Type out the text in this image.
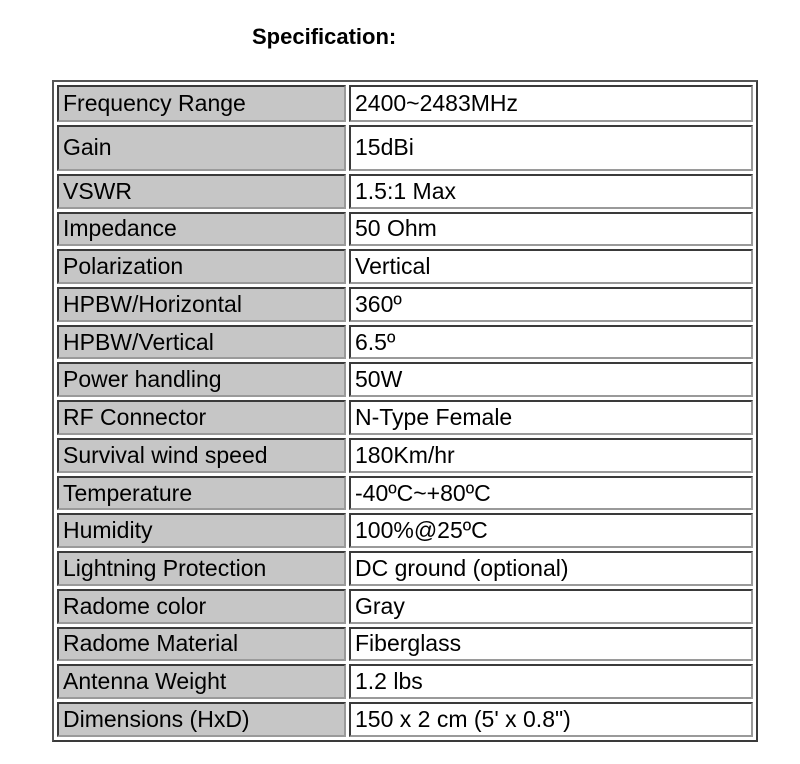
Specification:
Frequency Range	2400~2483MHz
Gain	15dBi
VSWR	1.5:1 Max
Impedance	50 Ohm
Polarization	Vertical
HPBW/Horizontal	360º
HPBW/Vertical	6.5º
Power handling	50W
RF Connector	N-Type Female
Survival wind speed	180Km/hr
Temperature	-40ºC~+80ºC
Humidity	100%@25ºC
Lightning Protection	DC ground (optional)
Radome color	Gray
Radome Material	Fiberglass
Antenna Weight	1.2 lbs
Dimensions (HxD)	150 x 2 cm (5' x 0.8")
